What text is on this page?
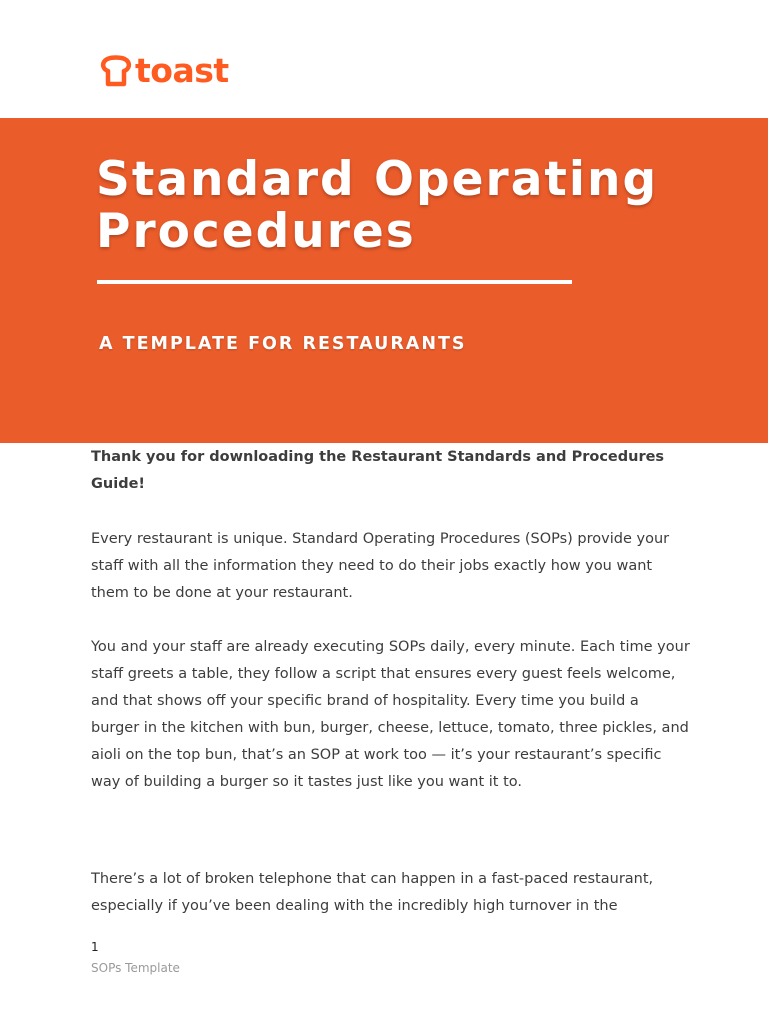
toast
Standard Operating Procedures
A TEMPLATE FOR RESTAURANTS

Thank you for downloading the Restaurant Standards and Procedures Guide!

Every restaurant is unique. Standard Operating Procedures (SOPs) provide your staff with all the information they need to do their jobs exactly how you want them to be done at your restaurant.

You and your staff are already executing SOPs daily, every minute. Each time your staff greets a table, they follow a script that ensures every guest feels welcome, and that shows off your specific brand of hospitality. Every time you build a burger in the kitchen with bun, burger, cheese, lettuce, tomato, three pickles, and aioli on the top bun, that’s an SOP at work too — it’s your restaurant’s specific way of building a burger so it tastes just like you want it to.

There’s a lot of broken telephone that can happen in a fast-paced restaurant, especially if you’ve been dealing with the incredibly high turnover in the

1
SOPs Template
